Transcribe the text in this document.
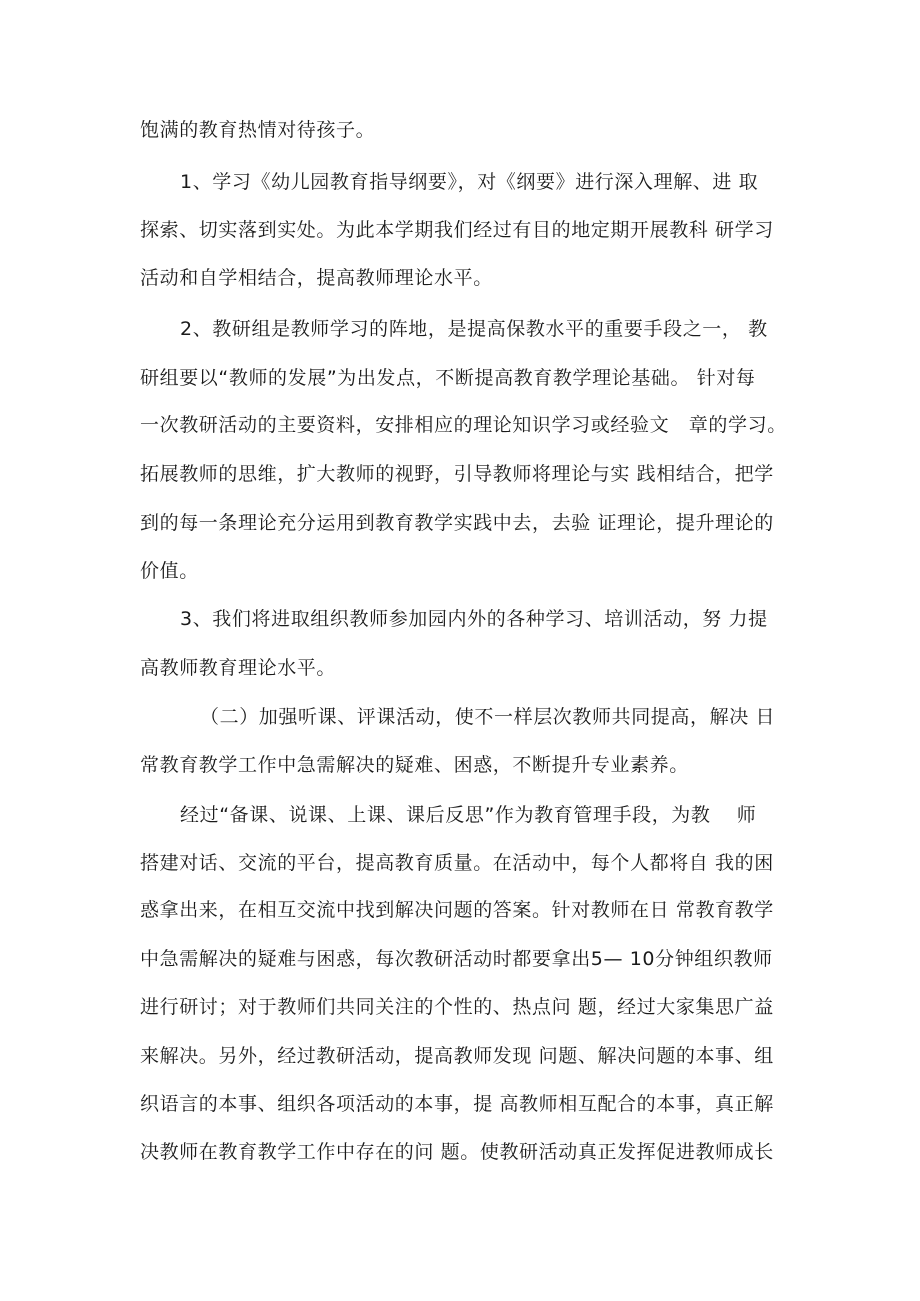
饱满的教育热情对待孩子。
1、学习《幼儿园教育指导纲要》，对《纲要》进行深入理解、进 取
探索、切实落到实处。为此本学期我们经过有目的地定期开展教科 研学习
活动和自学相结合，提高教师理论水平。
2、教研组是教师学习的阵地，是提高保教水平的重要手段之一， 教
研组要以“教师的发展”为出发点，不断提高教育教学理论基础。 针对每
一次教研活动的主要资料，安排相应的理论知识学习或经验文　章的学习。
拓展教师的思维，扩大教师的视野，引导教师将理论与实 践相结合，把学
到的每一条理论充分运用到教育教学实践中去，去验 证理论，提升理论的
价值。
3、我们将进取组织教师参加园内外的各种学习、培训活动，努 力提
高教师教育理论水平。
（二）加强听课、评课活动，使不一样层次教师共同提高，解决 日
常教育教学工作中急需解决的疑难、困惑，不断提升专业素养。
经过“备课、说课、上课、课后反思”作为教育管理手段，为教　 师
搭建对话、交流的平台，提高教育质量。在活动中，每个人都将自 我的困
惑拿出来，在相互交流中找到解决问题的答案。针对教师在日 常教育教学
中急需解决的疑难与困惑，每次教研活动时都要拿出5— 10分钟组织教师
进行研讨；对于教师们共同关注的个性的、热点问 题，经过大家集思广益
来解决。另外，经过教研活动，提高教师发现 问题、解决问题的本事、组
织语言的本事、组织各项活动的本事，提 高教师相互配合的本事，真正解
决教师在教育教学工作中存在的问 题。使教研活动真正发挥促进教师成长
